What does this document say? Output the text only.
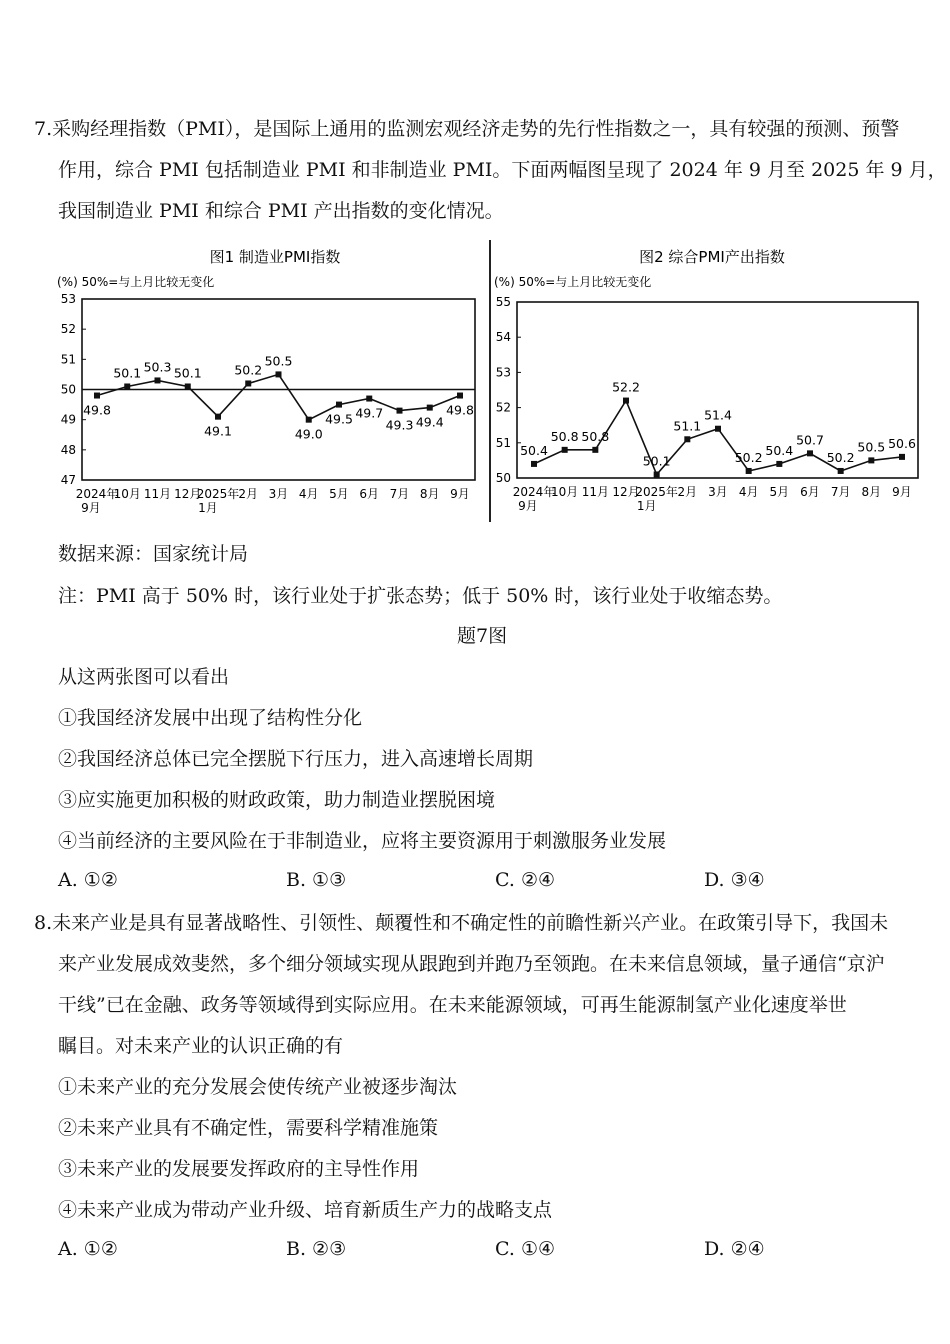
7.采购经理指数（PMI），是国际上通用的监测宏观经济走势的先行性指数之一，具有较强的预测、预警
作用，综合 PMI 包括制造业 PMI 和非制造业 PMI。下面两幅图呈现了 2024 年 9 月至 2025 年 9 月，
我国制造业 PMI 和综合 PMI 产出指数的变化情况。
图1 制造业PMI指数
(%) 50%=与上月比较无变化
47
48
49
50
51
52
53
49.8
50.1 50.3 50.1
49.1
50.2
50.5
49.0
49.5 49.7
49.3 49.4
49.8
2024年
9月
10月 11月 12月
2025年
1月
2月 3月 4月 5月 6月 7月 8月 9月
图2 综合PMI产出指数
(%) 50%=与上月比较无变化
50
51
52
53
54
55
50.4
50.8 50.8
52.2
50.1
51.1
51.4
50.2 50.4
50.7
50.2
50.5 50.6
2024年
9月
10月 11月 12月
2025年
1月
2月 3月 4月 5月 6月 7月 8月 9月
数据来源：国家统计局
注：PMI 高于 50% 时，该行业处于扩张态势；低于 50% 时，该行业处于收缩态势。
题7图
从这两张图可以看出
①我国经济发展中出现了结构性分化
②我国经济总体已完全摆脱下行压力，进入高速增长周期
③应实施更加积极的财政政策，助力制造业摆脱困境
④当前经济的主要风险在于非制造业，应将主要资源用于刺激服务业发展
A. ①②	B. ①③	C. ②④	D. ③④
8.未来产业是具有显著战略性、引领性、颠覆性和不确定性的前瞻性新兴产业。在政策引导下，我国未
来产业发展成效斐然，多个细分领域实现从跟跑到并跑乃至领跑。在未来信息领域，量子通信“京沪
干线”已在金融、政务等领域得到实际应用。在未来能源领域，可再生能源制氢产业化速度举世
瞩目。对未来产业的认识正确的有
①未来产业的充分发展会使传统产业被逐步淘汰
②未来产业具有不确定性，需要科学精准施策
③未来产业的发展要发挥政府的主导性作用
④未来产业成为带动产业升级、培育新质生产力的战略支点
A. ①②	B. ②③	C. ①④	D. ②④
